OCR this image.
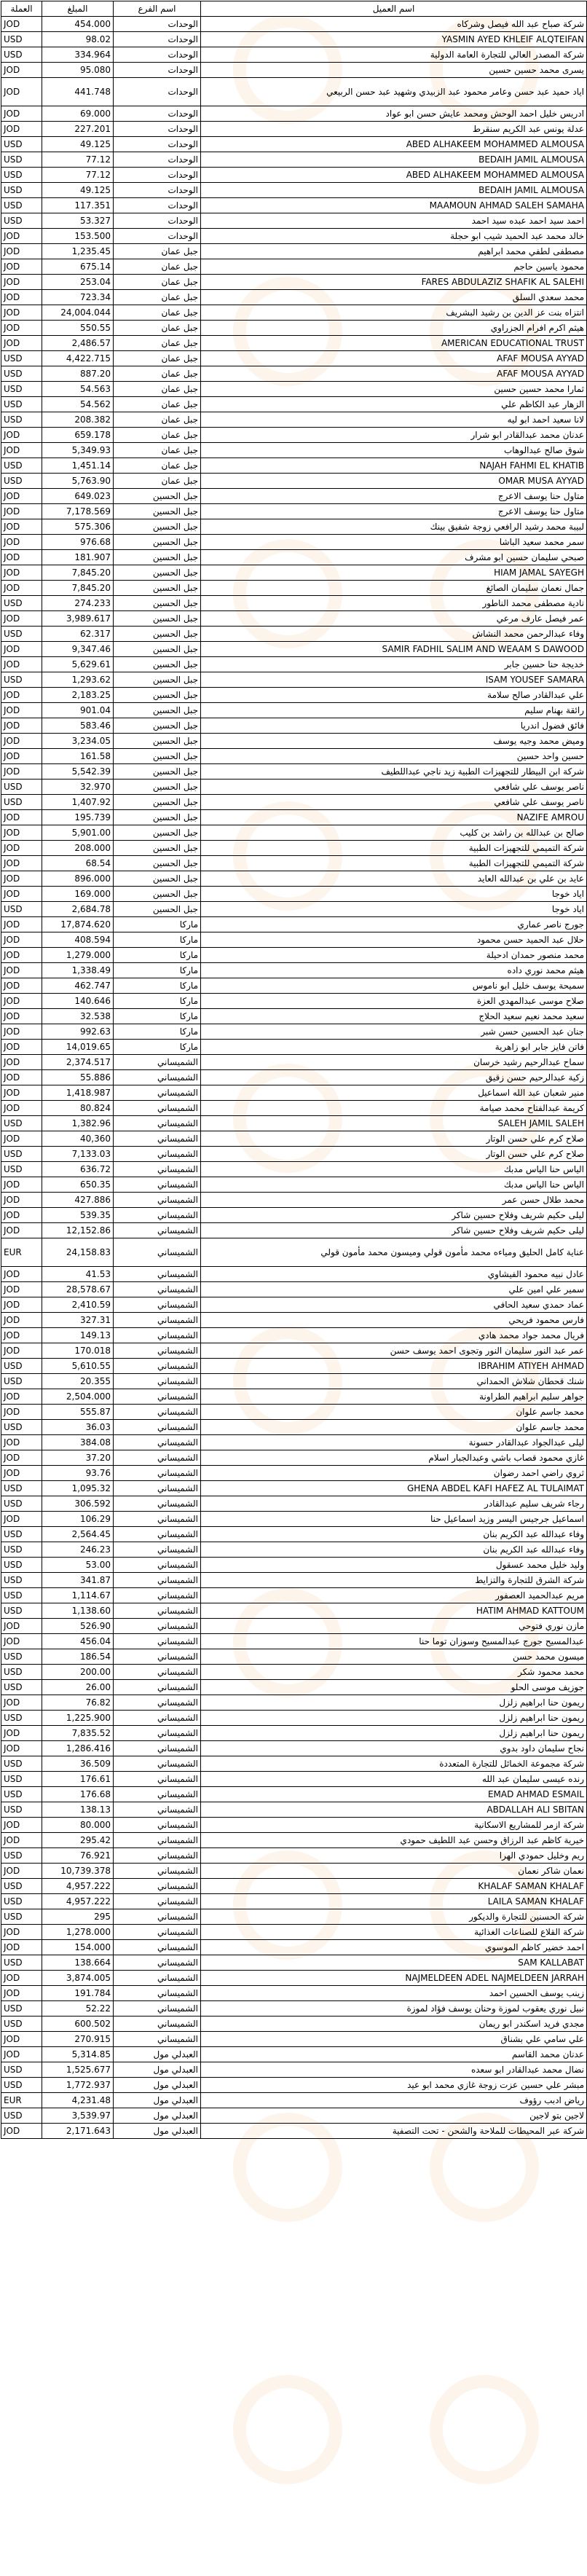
العملة	المبلغ	اسم الفرع	اسم العميل
JOD	454.000	الوحدات	شركة صباح عبد الله فيصل وشركاه
USD	98.02	الوحدات	YASMIN AYED KHLEIF ALQTEIFAN
USD	334.964	الوحدات	شركة المصدر العالي للتجارة العامة الدولية
JOD	95.080	الوحدات	يسرى محمد حسين حسين
JOD	441.748	الوحدات	اياد حميد عبد حسن وعامر محمود عبد الزبيدي وشهيد عبد حسن الربيعي
JOD	69.000	الوحدات	ادريس خليل احمد الوحش ومحمد عايش حسن ابو عواد
JOD	227.201	الوحدات	عدلة يونس عبد الكريم سنقرط
USD	49.125	الوحدات	ABED ALHAKEEM MOHAMMED ALMOUSA
USD	77.12	الوحدات	BEDAIH JAMIL ALMOUSA
USD	77.12	الوحدات	ABED ALHAKEEM MOHAMMED ALMOUSA
USD	49.125	الوحدات	BEDAIH JAMIL ALMOUSA
USD	117.351	الوحدات	MAAMOUN AHMAD SALEH SAMAHA
USD	53.327	الوحدات	احمد سيد احمد عبده سيد احمد
JOD	153.500	الوحدات	خالد محمد عبد الحميد شيب ابو حجلة
JOD	1,235.45	جبل عمان	مصطفى لطفي محمد ابراهيم
JOD	675.14	جبل عمان	محمود ياسين حاجم
JOD	253.04	جبل عمان	FARES ABDULAZIZ SHAFIK AL SALEHI
JOD	723.34	جبل عمان	محمد سعدي السلق
JOD	24,004.044	جبل عمان	انتزاه بنت عز الدين بن رشيد البشريف
JOD	550.55	جبل عمان	هيثم اكرم افرام الجزراوي
JOD	2,486.57	جبل عمان	AMERICAN EDUCATIONAL TRUST
USD	4,422.715	جبل عمان	AFAF MOUSA AYYAD
USD	887.20	جبل عمان	AFAF MOUSA AYYAD
USD	54.563	جبل عمان	ثمارا محمد حسين حسين
USD	54.562	جبل عمان	الزهار عبد الكاظم علي
USD	208.382	جبل عمان	لانا سعيد احمد ابو ليه
JOD	659.178	جبل عمان	عدنان محمد عبدالقادر ابو شرار
JOD	5,349.93	جبل عمان	شوق صالح عبدالوهاب
USD	1,451.14	جبل عمان	NAJAH FAHMI EL KHATIB
USD	5,763.90	جبل عمان	OMAR MUSA AYYAD
JOD	649.023	جبل الحسين	متاول حنا يوسف الاعرج
JOD	7,178.569	جبل الحسين	متاول حنا يوسف الاعرج
JOD	575.306	جبل الحسين	لبيبة محمد رشيد الرافعي زوجة شفيق بينك
JOD	976.68	جبل الحسين	سمر محمد سعيد الباشا
JOD	181.907	جبل الحسين	صبحي سليمان حسين ابو مشرف
JOD	7,845.20	جبل الحسين	HIAM JAMAL SAYEGH
JOD	7,845.20	جبل الحسين	جمال نعمان سليمان الصائغ
USD	274.233	جبل الحسين	نادية مصطفى محمد الناطور
JOD	3,989.617	جبل الحسين	عمر فيصل عارف مرعي
USD	62.317	جبل الحسين	وفاء عبدالرحمن محمد النشاش
JOD	9,347.46	جبل الحسين	SAMIR FADHIL SALIM AND WEAAM S DAWOOD
JOD	5,629.61	جبل الحسين	خديجة حنا حسين جابر
USD	1,293.62	جبل الحسين	ISAM YOUSEF SAMARA
JOD	2,183.25	جبل الحسين	علي عبدالقادر صالح سلامة
JOD	901.04	جبل الحسين	رائقة بهنام سليم
JOD	583.46	جبل الحسين	فائق فضول اندريا
JOD	3,234.05	جبل الحسين	وميض محمد وجيه يوسف
JOD	161.58	جبل الحسين	حسين واحد حسين
JOD	5,542.39	جبل الحسين	شركة ابن البيطار للتجهيزات الطبية زيد ناجي عبداللطيف
USD	32.970	جبل الحسين	ناصر يوسف علي شافعي
USD	1,407.92	جبل الحسين	ناصر يوسف علي شافعي
JOD	195.739	جبل الحسين	NAZIFE AMROU
JOD	5,901.00	جبل الحسين	صالح بن عبدالله بن راشد بن كليب
JOD	208.000	جبل الحسين	شركة التميمي للتجهيزات الطبية
JOD	68.54	جبل الحسين	شركة التميمي للتجهيزات الطبية
JOD	896.000	جبل الحسين	عايد بن علي بن عبدالله العايد
JOD	169.000	جبل الحسين	اياد خوجا
USD	2,684.78	جبل الحسين	اياد خوجا
JOD	17,874.620	ماركا	جورج ناصر عماري
JOD	408.594	ماركا	حلال عبد الحميد حسن محمود
JOD	1,279.000	ماركا	محمد منصور حمدان ادحيلة
JOD	1,338.49	ماركا	هيثم محمد نوري داده
JOD	462.747	ماركا	سميحة يوسف خليل ابو ناموس
JOD	140.646	ماركا	صلاح موسى عبدالمهدي العزة
JOD	32.538	ماركا	سعيد محمد نعيم سعيد الحلاج
JOD	992.63	ماركا	جنان عبد الحسين حسن شبر
JOD	14,019.65	ماركا	فاتن فايز جابر ابو زاهرية
JOD	2,374.517	الشميساني	سماح عبدالرحيم رشيد خرسان
JOD	55.886	الشميساني	زكية عبدالرحيم حسن زقيق
JOD	1,418.987	الشميساني	منير شعبان عبد الله اسماعيل
JOD	80.824	الشميساني	كريمة عبدالفتاح محمد صيامة
USD	1,382.96	الشميساني	SALEH JAMIL SALEH
JOD	40,360	الشميساني	صلاح كرم علي حسن الوتار
USD	7,133.03	الشميساني	صلاح كرم علي حسن الوتار
USD	636.72	الشميساني	الياس حنا الياس مدبك
JOD	650.35	الشميساني	الياس حنا الياس مدبك
JOD	427.886	الشميساني	محمد طلال حسن عمر
JOD	539.35	الشميساني	ليلى حكيم شريف وفلاح حسين شاكر
JOD	12,152.86	الشميساني	ليلى حكيم شريف وفلاح حسين شاكر
EUR	24,158.83	الشميساني	عناية كامل الحليق ومياءه محمد مأمون قولي وميسون محمد مأمون قولي
JOD	41.53	الشميساني	عادل نبيه محمود الفيشاوي
JOD	28,578.67	الشميساني	سمير علي امين علي
JOD	2,410.59	الشميساني	عماد حمدي سعيد الحافي
JOD	327.31	الشميساني	فارس محمود فريحي
JOD	149.13	الشميساني	فريال محمد جواد محمد هادي
JOD	170.018	الشميساني	عمر عبد النور سليمان النور وتجوى احمد يوسف حسن
USD	5,610.55	الشميساني	IBRAHIM ATIYEH AHMAD
USD	20.355	الشميساني	شنك قحطان شلاش الحمداني
JOD	2,504.000	الشميساني	جواهر سليم ابراهيم الطراونة
JOD	555.87	الشميساني	محمد جاسم علوان
USD	36.03	الشميساني	محمد جاسم علوان
JOD	384.08	الشميساني	ليلى عبدالجواد عبدالقادر حسونة
JOD	37.20	الشميساني	غازي محمود قصاب باشي وعبدالجبار اسلام
JOD	93.76	الشميساني	ثروي راضي احمد رضوان
USD	1,095.32	الشميساني	GHENA ABDEL KAFI HAFEZ AL TULAIMAT
USD	306.592	الشميساني	رجاء شريف سليم عبدالقادر
JOD	106.29	الشميساني	اسماعيل جرجيس اليسر وزيد اسماعيل حنا
USD	2,564.45	الشميساني	وفاء عبدالله عبد الكريم بنان
USD	246.23	الشميساني	وفاء عبدالله عبد الكريم بنان
USD	53.00	الشميساني	وليد خليل محمد عسقول
USD	341.87	الشميساني	شركة الشرق للتجارة والتزايط
USD	1,114.67	الشميساني	مريم عبدالحميد العصفور
USD	1,138.60	الشميساني	HATIM AHMAD KATTOUM
JOD	526.90	الشميساني	مازن نوري فتوحي
JOD	456.04	الشميساني	عبدالمسيح جورج عبدالمسيح وسوزان توما حنا
USD	186.54	الشميساني	ميسون محمد حسن
USD	200.00	الشميساني	محمد محمود شكر
USD	26.00	الشميساني	جوزيف موسى الحلو
JOD	76.82	الشميساني	ريمون حنا ابراهيم زلزل
USD	1,225.900	الشميساني	ريمون حنا ابراهيم زلزل
JOD	7,835.52	الشميساني	ريمون حنا ابراهيم زلزل
JOD	1,286.416	الشميساني	نجاح سليمان داود بدوي
USD	36.509	الشميساني	شركة مجموعة الخمائل للتجارة المتعددة
USD	176.61	الشميساني	رنده عيسى سليمان عبد الله
USD	176.68	الشميساني	EMAD AHMAD ESMAIL
USD	138.13	الشميساني	ABDALLAH ALI SBITAN
JOD	80.000	الشميساني	شركة ازمر للمشاريع الاسكانية
JOD	295.42	الشميساني	خيرية كاظم عبد الرزاق وحسن عبد اللطيف حمودي
USD	76.921	الشميساني	ريم وخليل حمودي الهرا
JOD	10,739.378	الشميساني	نعمان شاكر نعمان
USD	4,957.222	الشميساني	KHALAF SAMAN KHALAF
USD	4,957.222	الشميساني	LAILA SAMAN KHALAF
USD	295	الشميساني	شركة الحسنين للتجارة والديكور
JOD	1,278.000	الشميساني	شركة القلاع للصناعات الغذائية
JOD	154.000	الشميساني	احمد خضير كاظم الموسوي
USD	138.664	الشميساني	SAM KALLABAT
JOD	3,874.005	الشميساني	NAJMELDEEN ADEL NAJMELDEEN JARRAH
JOD	191.784	الشميساني	زينب يوسف الحسين احمد
USD	52.22	الشميساني	نبيل نوري يعقوب لموزة وحنان يوسف فؤاد لموزة
USD	600.502	الشميساني	مجدي فريد اسكندر ابو ريمان
JOD	270.915	الشميساني	علي سامي علي بشناق
JOD	5,314.85	العبدلي مول	عدنان محمد القاسم
USD	1,525.677	العبدلي مول	نضال محمد عبدالقادر ابو سعده
USD	1,772.937	العبدلي مول	مبشر علي حسين عزت زوجة غازي محمد ابو عيد
EUR	4,231.48	العبدلي مول	رياض ادبب رؤوف
USD	3,539.97	العبدلي مول	لاجين بتو لاجين
JOD	2,171.643	العبدلي مول	شركة عبر المحيطات للملاحة والشحن - تحت التصفية
